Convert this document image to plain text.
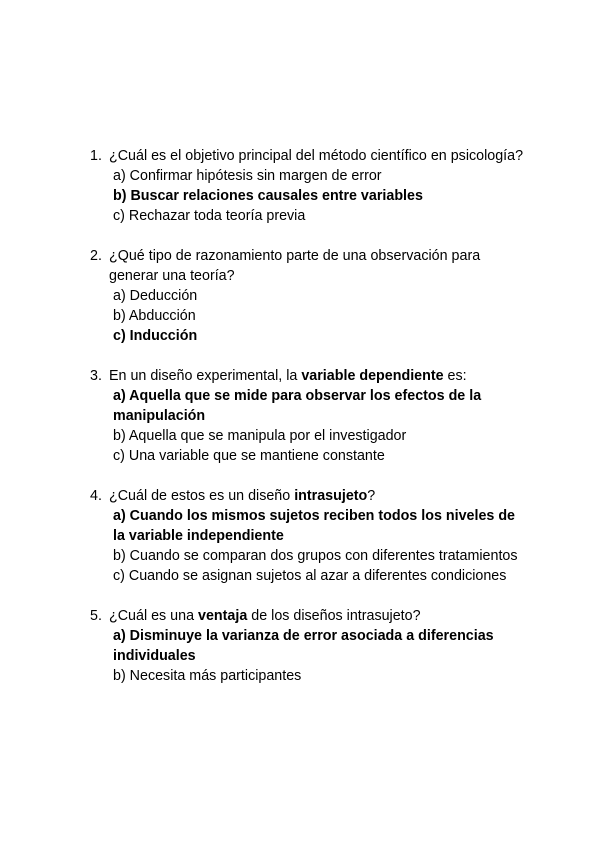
1. ¿Cuál es el objetivo principal del método científico en psicología?
a) Confirmar hipótesis sin margen de error
b) Buscar relaciones causales entre variables
c) Rechazar toda teoría previa
2. ¿Qué tipo de razonamiento parte de una observación para generar una teoría?
a) Deducción
b) Abducción
c) Inducción
3. En un diseño experimental, la variable dependiente es:
a) Aquella que se mide para observar los efectos de la manipulación
b) Aquella que se manipula por el investigador
c) Una variable que se mantiene constante
4. ¿Cuál de estos es un diseño intrasujeto?
a) Cuando los mismos sujetos reciben todos los niveles de la variable independiente
b) Cuando se comparan dos grupos con diferentes tratamientos
c) Cuando se asignan sujetos al azar a diferentes condiciones
5. ¿Cuál es una ventaja de los diseños intrasujeto?
a) Disminuye la varianza de error asociada a diferencias individuales
b) Necesita más participantes
